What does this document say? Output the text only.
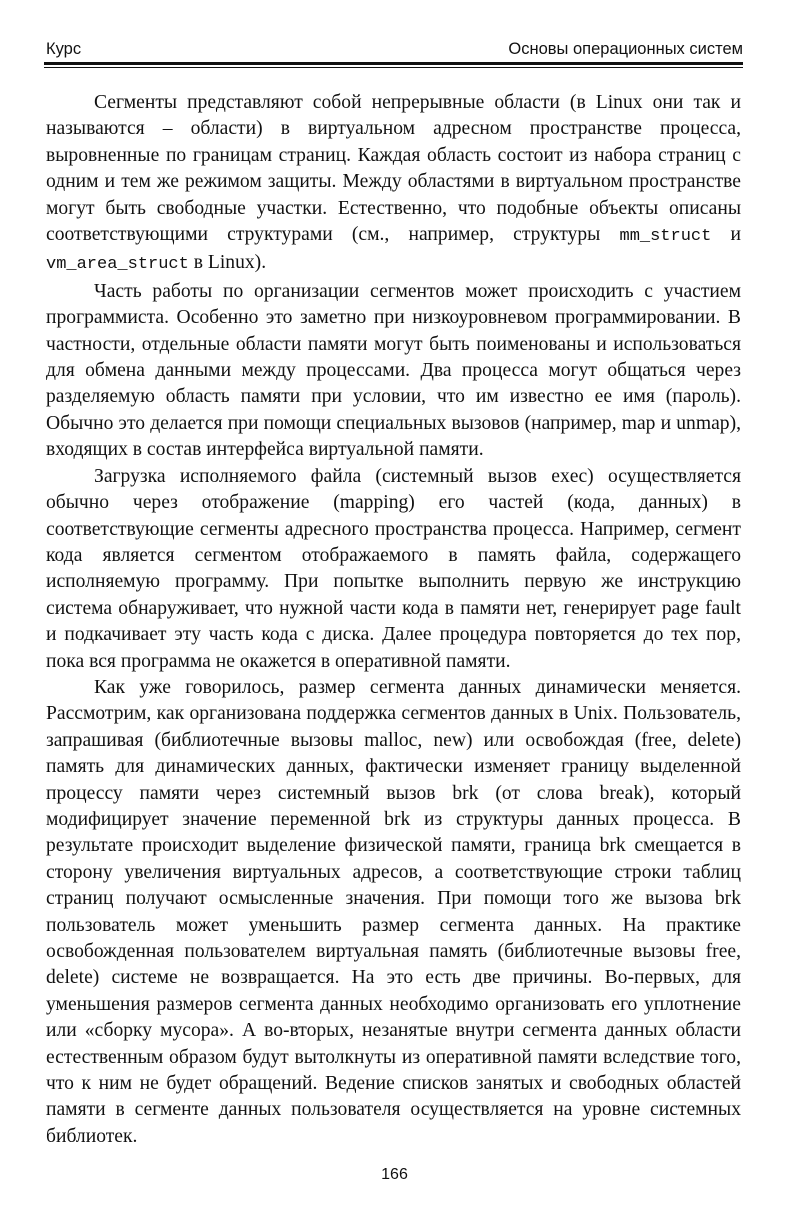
Курс	Основы операционных систем

Сегменты представляют собой непрерывные области (в Linux они так и называются – области) в виртуальном адресном пространстве процесса, выровненные по границам страниц. Каждая область состоит из набора страниц с одним и тем же режимом защиты. Между областями в виртуальном пространстве могут быть свободные участки. Естественно, что подобные объекты описаны соответствующими структурами (см., например, структуры mm_struct и vm_area_struct в Linux).

Часть работы по организации сегментов может происходить с участием программиста. Особенно это заметно при низкоуровневом программировании. В частности, отдельные области памяти могут быть поименованы и использоваться для обмена данными между процессами. Два процесса могут общаться через разделяемую область памяти при условии, что им известно ее имя (пароль). Обычно это делается при помощи специальных вызовов (например, map и unmap), входящих в состав интерфейса виртуальной памяти.

Загрузка исполняемого файла (системный вызов exec) осуществляется обычно через отображение (mapping) его частей (кода, данных) в соответствующие сегменты адресного пространства процесса. Например, сегмент кода является сегментом отображаемого в память файла, содержащего исполняемую программу. При попытке выполнить первую же инструкцию система обнаруживает, что нужной части кода в памяти нет, генерирует page fault и подкачивает эту часть кода с диска. Далее процедура повторяется до тех пор, пока вся программа не окажется в оперативной памяти.

Как уже говорилось, размер сегмента данных динамически меняется. Рассмотрим, как организована поддержка сегментов данных в Unix. Пользователь, запрашивая (библиотечные вызовы malloc, new) или освобождая (free, delete) память для динамических данных, фактически изменяет границу выделенной процессу памяти через системный вызов brk (от слова break), который модифицирует значение переменной brk из структуры данных процесса. В результате происходит выделение физической памяти, граница brk смещается в сторону увеличения виртуальных адресов, а соответствующие строки таблиц страниц получают осмысленные значения. При помощи того же вызова brk пользователь может уменьшить размер сегмента данных. На практике освобожденная пользователем виртуальная память (библиотечные вызовы free, delete) системе не возвращается. На это есть две причины. Во-первых, для уменьшения размеров сегмента данных необходимо организовать его уплотнение или «сборку мусора». А во-вторых, незанятые внутри сегмента данных области естественным образом будут вытолкнуты из оперативной памяти вследствие того, что к ним не будет обращений. Ведение списков занятых и свободных областей памяти в сегменте данных пользователя осуществляется на уровне системных библиотек.

166
